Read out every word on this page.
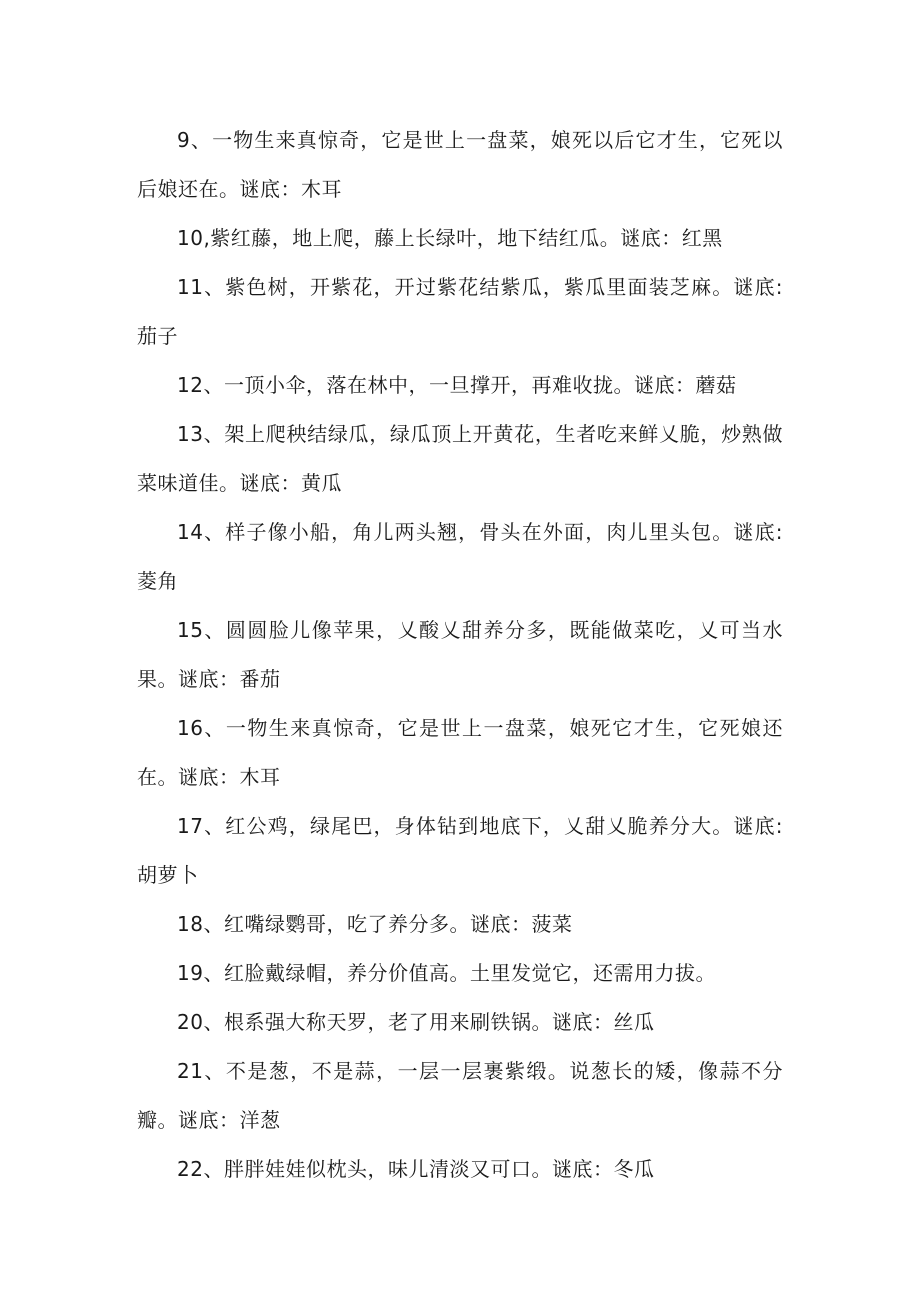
9、一物生来真惊奇，它是世上一盘菜，娘死以后它才生，它死以后娘还在。谜底：木耳

10,紫红藤，地上爬，藤上长绿叶，地下结红瓜。谜底：红黑

11、紫色树，开紫花，开过紫花结紫瓜，紫瓜里面装芝麻。谜底:茄子

12、一顶小伞，落在林中，一旦撑开，再难收拢。谜底：蘑菇

13、架上爬秧结绿瓜，绿瓜顶上开黄花，生者吃来鲜乂脆，炒熟做菜味道佳。谜底：黄瓜

14、样子像小船，角儿两头翘，骨头在外面，肉儿里头包。谜底:菱角

15、圆圆脸儿像苹果，乂酸乂甜养分多，既能做菜吃，乂可当水果。谜底：番茄

16、一物生来真惊奇，它是世上一盘菜，娘死它才生，它死娘还在。谜底：木耳

17、红公鸡，绿尾巴，身体钻到地底下，乂甜乂脆养分大。谜底:胡萝卜

18、红嘴绿鹦哥，吃了养分多。谜底：菠菜

19、红脸戴绿帽，养分价值高。土里发觉它，还需用力拔。

20、根系强大称天罗，老了用来刷铁锅。谜底：丝瓜

21、不是葱，不是蒜，一层一层裹紫缎。说葱长的矮，像蒜不分瓣。谜底：洋葱

22、胖胖娃娃似枕头，味儿清淡又可口。谜底：冬瓜
